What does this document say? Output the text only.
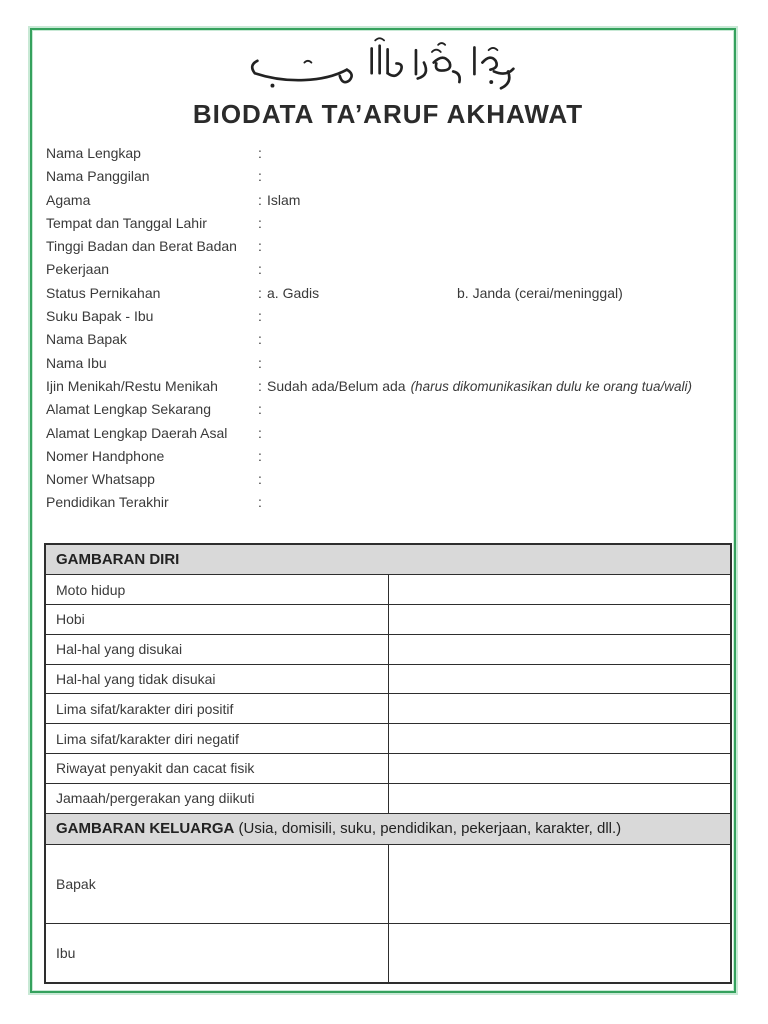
BIODATA TA’ARUF AKHAWAT
Nama Lengkap	:
Nama Panggilan	:
Agama	: Islam
Tempat dan Tanggal Lahir	:
Tinggi Badan dan Berat Badan	:
Pekerjaan	:
Status Pernikahan	: a. Gadis	b. Janda (cerai/meninggal)
Suku Bapak - Ibu	:
Nama Bapak	:
Nama Ibu	:
Ijin Menikah/Restu Menikah	: Sudah ada/Belum ada (harus dikomunikasikan dulu ke orang tua/wali)
Alamat Lengkap Sekarang	:
Alamat Lengkap Daerah Asal	:
Nomer Handphone	:
Nomer Whatsapp	:
Pendidikan Terakhir	:
GAMBARAN DIRI	
Moto hidup	
Hobi	
Hal-hal yang disukai	
Hal-hal yang tidak disukai	
Lima sifat/karakter diri positif	
Lima sifat/karakter diri negatif	
Riwayat penyakit dan cacat fisik	
Jamaah/pergerakan yang diikuti	
GAMBARAN KELUARGA (Usia, domisili, suku, pendidikan, pekerjaan, karakter, dll.)	
Bapak	
Ibu	
